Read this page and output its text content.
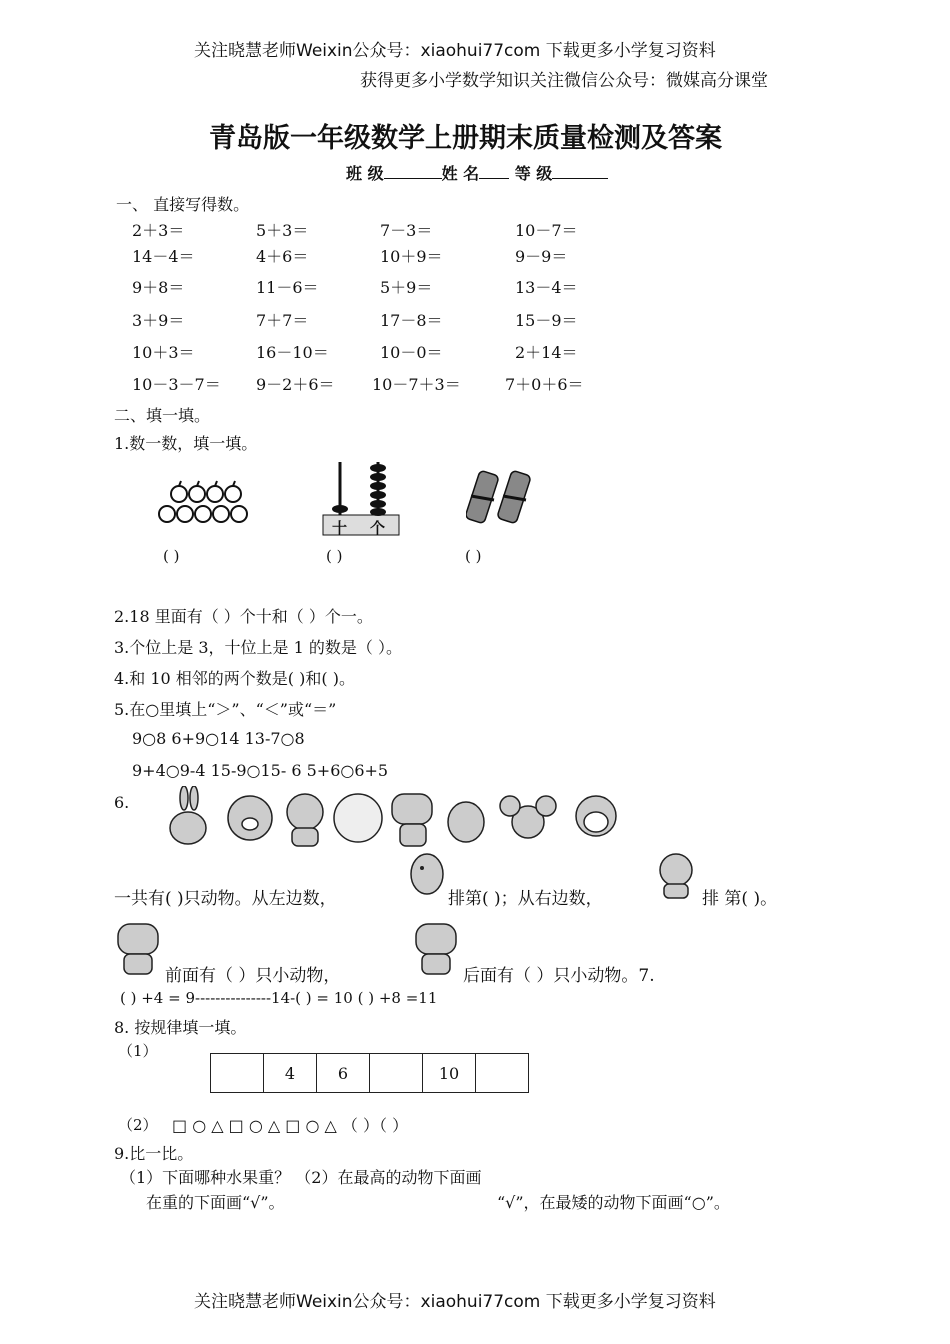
关注晓慧老师Weixin公众号：xiaohui77com 下载更多小学复习资料
获得更多小学数学知识关注微信公众号：微媒高分课堂
青岛版一年级数学上册期末质量检测及答案
班 级	姓 名 等 级
一、 直接写得数。
2＋3＝	5＋3＝	7－3＝	10－7＝
14－4＝	4＋6＝	10＋9＝	9－9＝
9＋8＝	11－6＝	5＋9＝	13－4＝
3＋9＝	7＋7＝	17－8＝	15－9＝
10＋3＝	16－10＝	10－0＝	2＋14＝
10－3－7＝ 9－2＋6＝ 10－7＋3＝	7＋0＋6＝
二、填一填。
1.数一数，填一填。
十 个
( )	( )	( )
2.18 里面有（ ）个十和（ ）个一。
3.个位上是 3，十位上是 1 的数是（ ）。
4.和 10 相邻的两个数是( )和( )。
5.在○里填上“＞”、“＜”或“＝”
9○8 6+9○14 13-7○8
9+4○9-4 15-9○15- 6 5+6○6+5
6.
一共有( )只动物。从左边数，	排第( )；从右边数，	排 第( )。
前面有（ ）只小动物，	后面有（ ）只小动物。7.
( ) +4 = 9---------------14-( ) = 10 ( ) +8 =11
8. 按规律填一填。
（1）
	4	6		10	
（2） □ ○ △ □ ○ △ □ ○ △ （ ）（ ）
9.比一比。
（1）下面哪种水果重？ （2）在最高的动物下面画
在重的下面画“√”。	“√”，在最矮的动物下面画“○”。
关注晓慧老师Weixin公众号：xiaohui77com 下载更多小学复习资料
